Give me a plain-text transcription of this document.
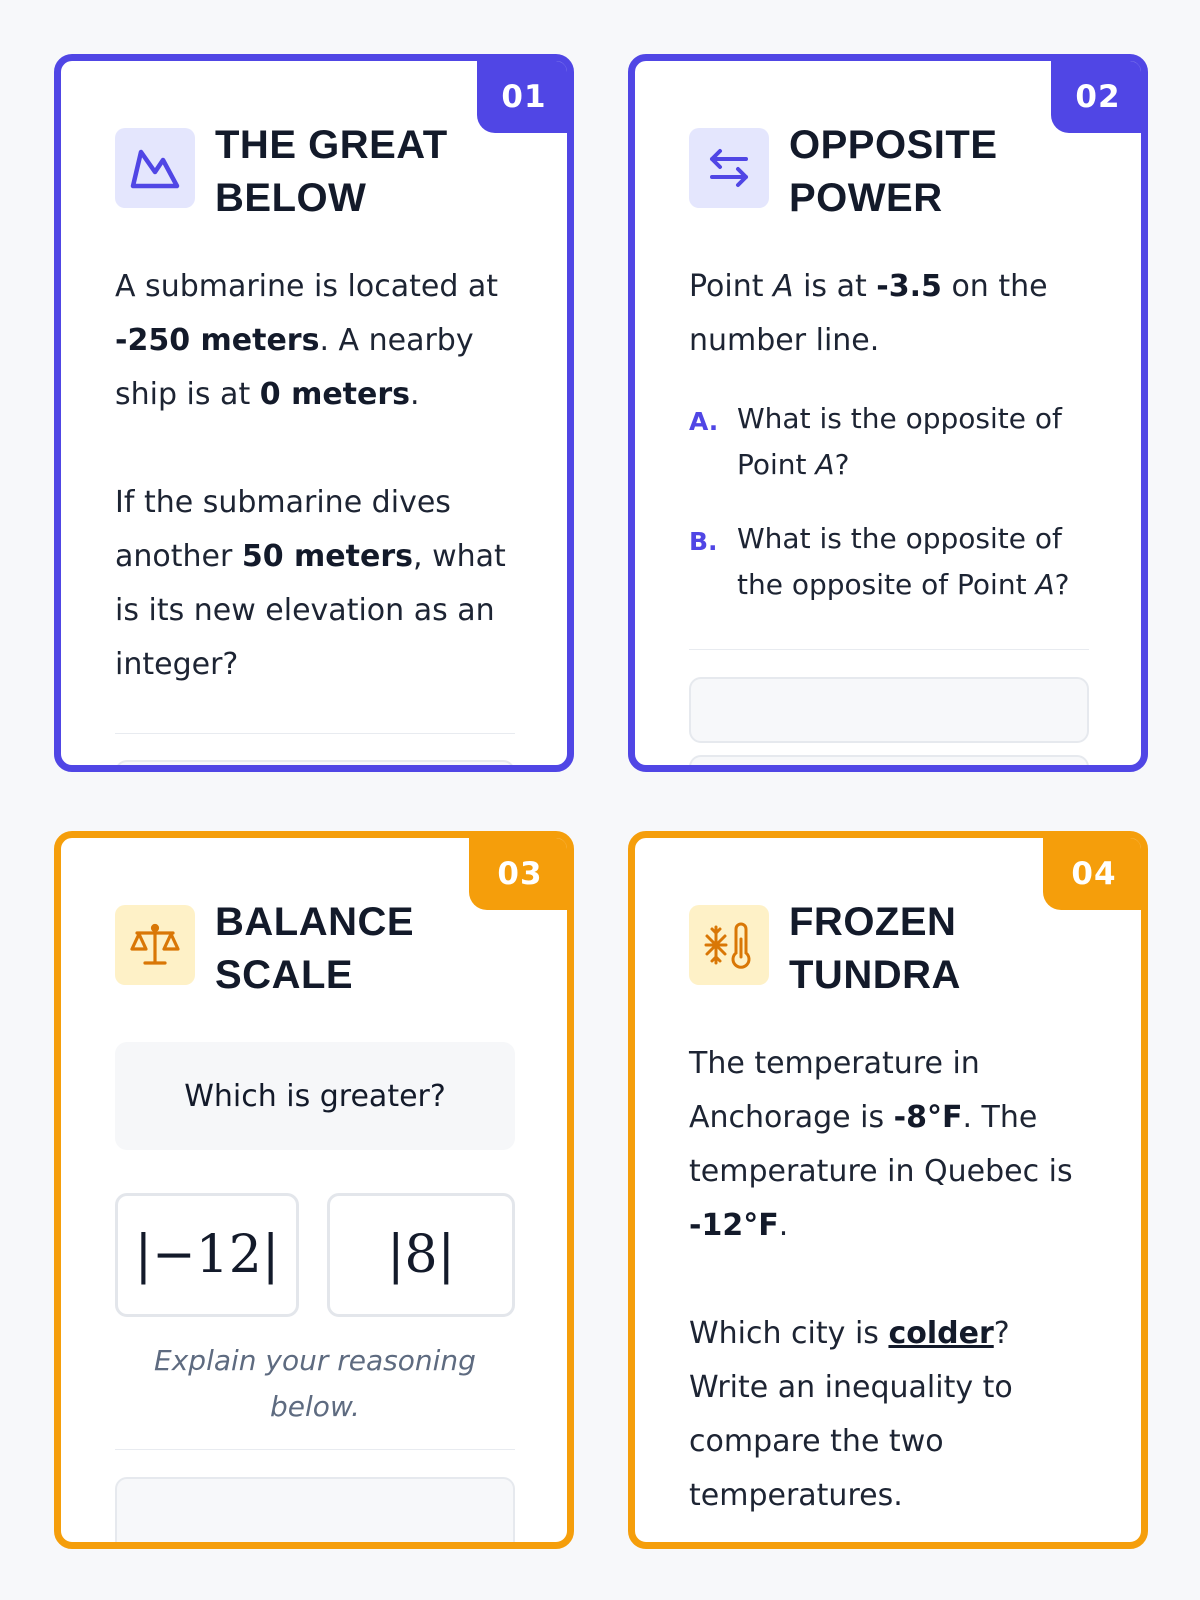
01
THE GREAT
BELOW
A submarine is located at -250 meters. A nearby ship is at 0 meters.
If the submarine dives another 50 meters, what is its new elevation as an integer?
02
OPPOSITE
POWER
Point A is at -3.5 on the number line.
A. What is the opposite of Point A?
B. What is the opposite of the opposite of Point A?
03
BALANCE
SCALE
Which is greater?
|−12|	|8|
Explain your reasoning below.
04
FROZEN
TUNDRA
The temperature in Anchorage is -8°F. The temperature in Quebec is -12°F.
Which city is colder? Write an inequality to compare the two temperatures.
